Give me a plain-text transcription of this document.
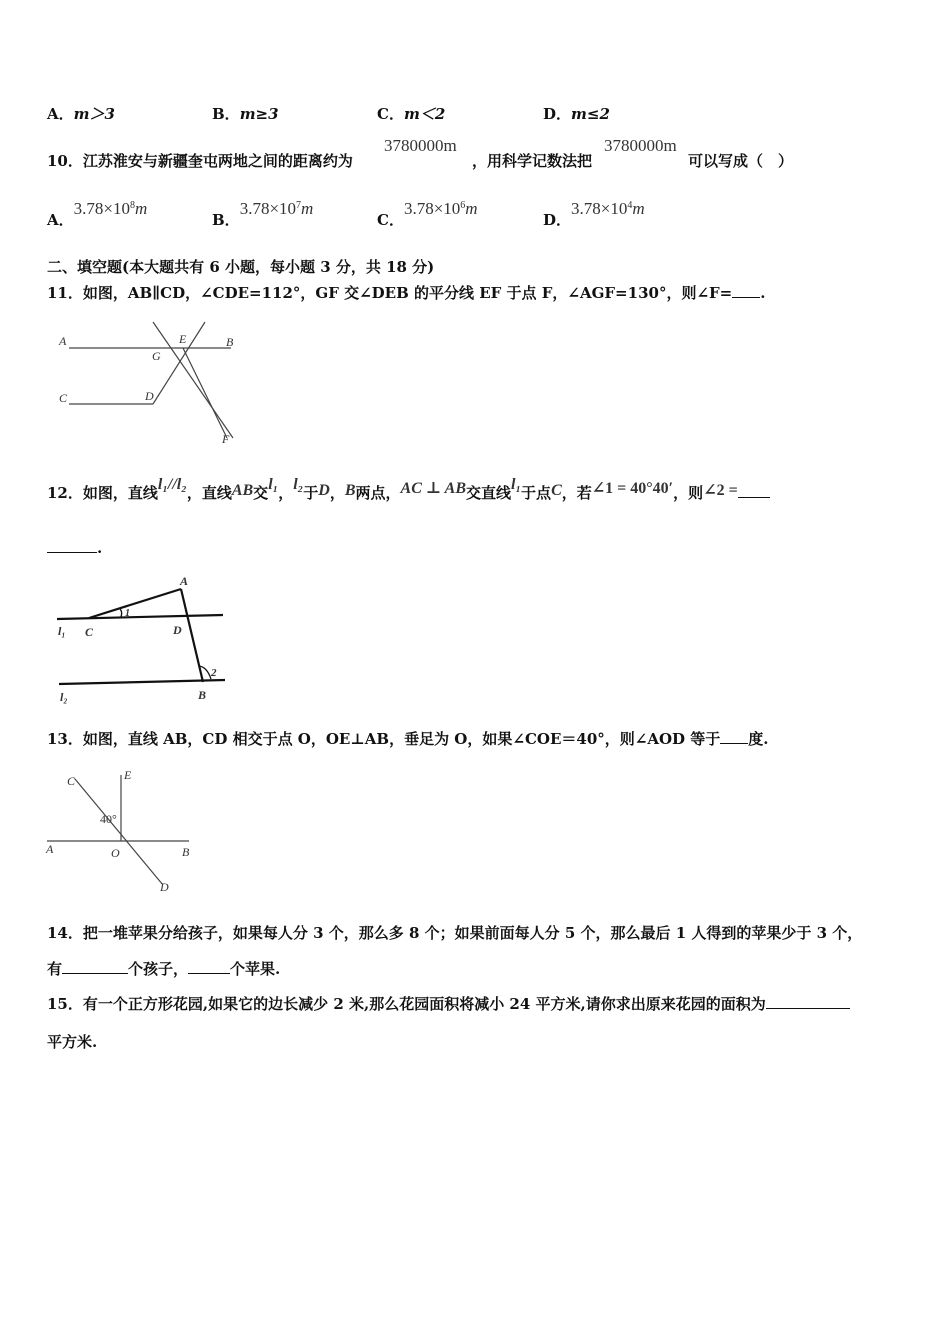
A．m＞3	B．m≥3	C．m＜2	D．m≤2
10．江苏淮安与新疆奎屯两地之间的距离约为
3780000m
，用科学记数法把
3780000m
可以写成（　）
A．$3.78\times 10^8m$
B．$3.78\times 10^7m$
C．$3.78\times 10^6m$
D．$3.78\times 10^4m$
二、填空题(本大题共有 6 小题，每小题 3 分，共 18 分)
11．如图，AB∥CD，∠CDE=112°，GF 交∠DEB 的平分线 EF 于点 F，∠AGF=130°，则∠F= .
A	B
E
G
C	D
F
12．如图，直线l₁//l₂，直线AB交l₁，l₂于D，B两点，AC ⊥ AB交直线l₁于点C，若∠1 = 40°40′，则∠2 =
.
l₁ C
1
D
A
2
l₂	B
13．如图，直线 AB，CD 相交于点 O，OE⊥AB，垂足为 O，如果∠COE＝40°，则∠AOD 等于 度.
C	E
40°
A	O	B
D
14．把一堆苹果分给孩子，如果每人分 3 个，那么多 8 个；如果前面每人分 5 个，那么最后 1 人得到的苹果少于 3 个，
有	个孩子，	个苹果.
15．有一个正方形花园,如果它的边长减少 2 米,那么花园面积将减小 24 平方米,请你求出原来花园的面积为
平方米.
